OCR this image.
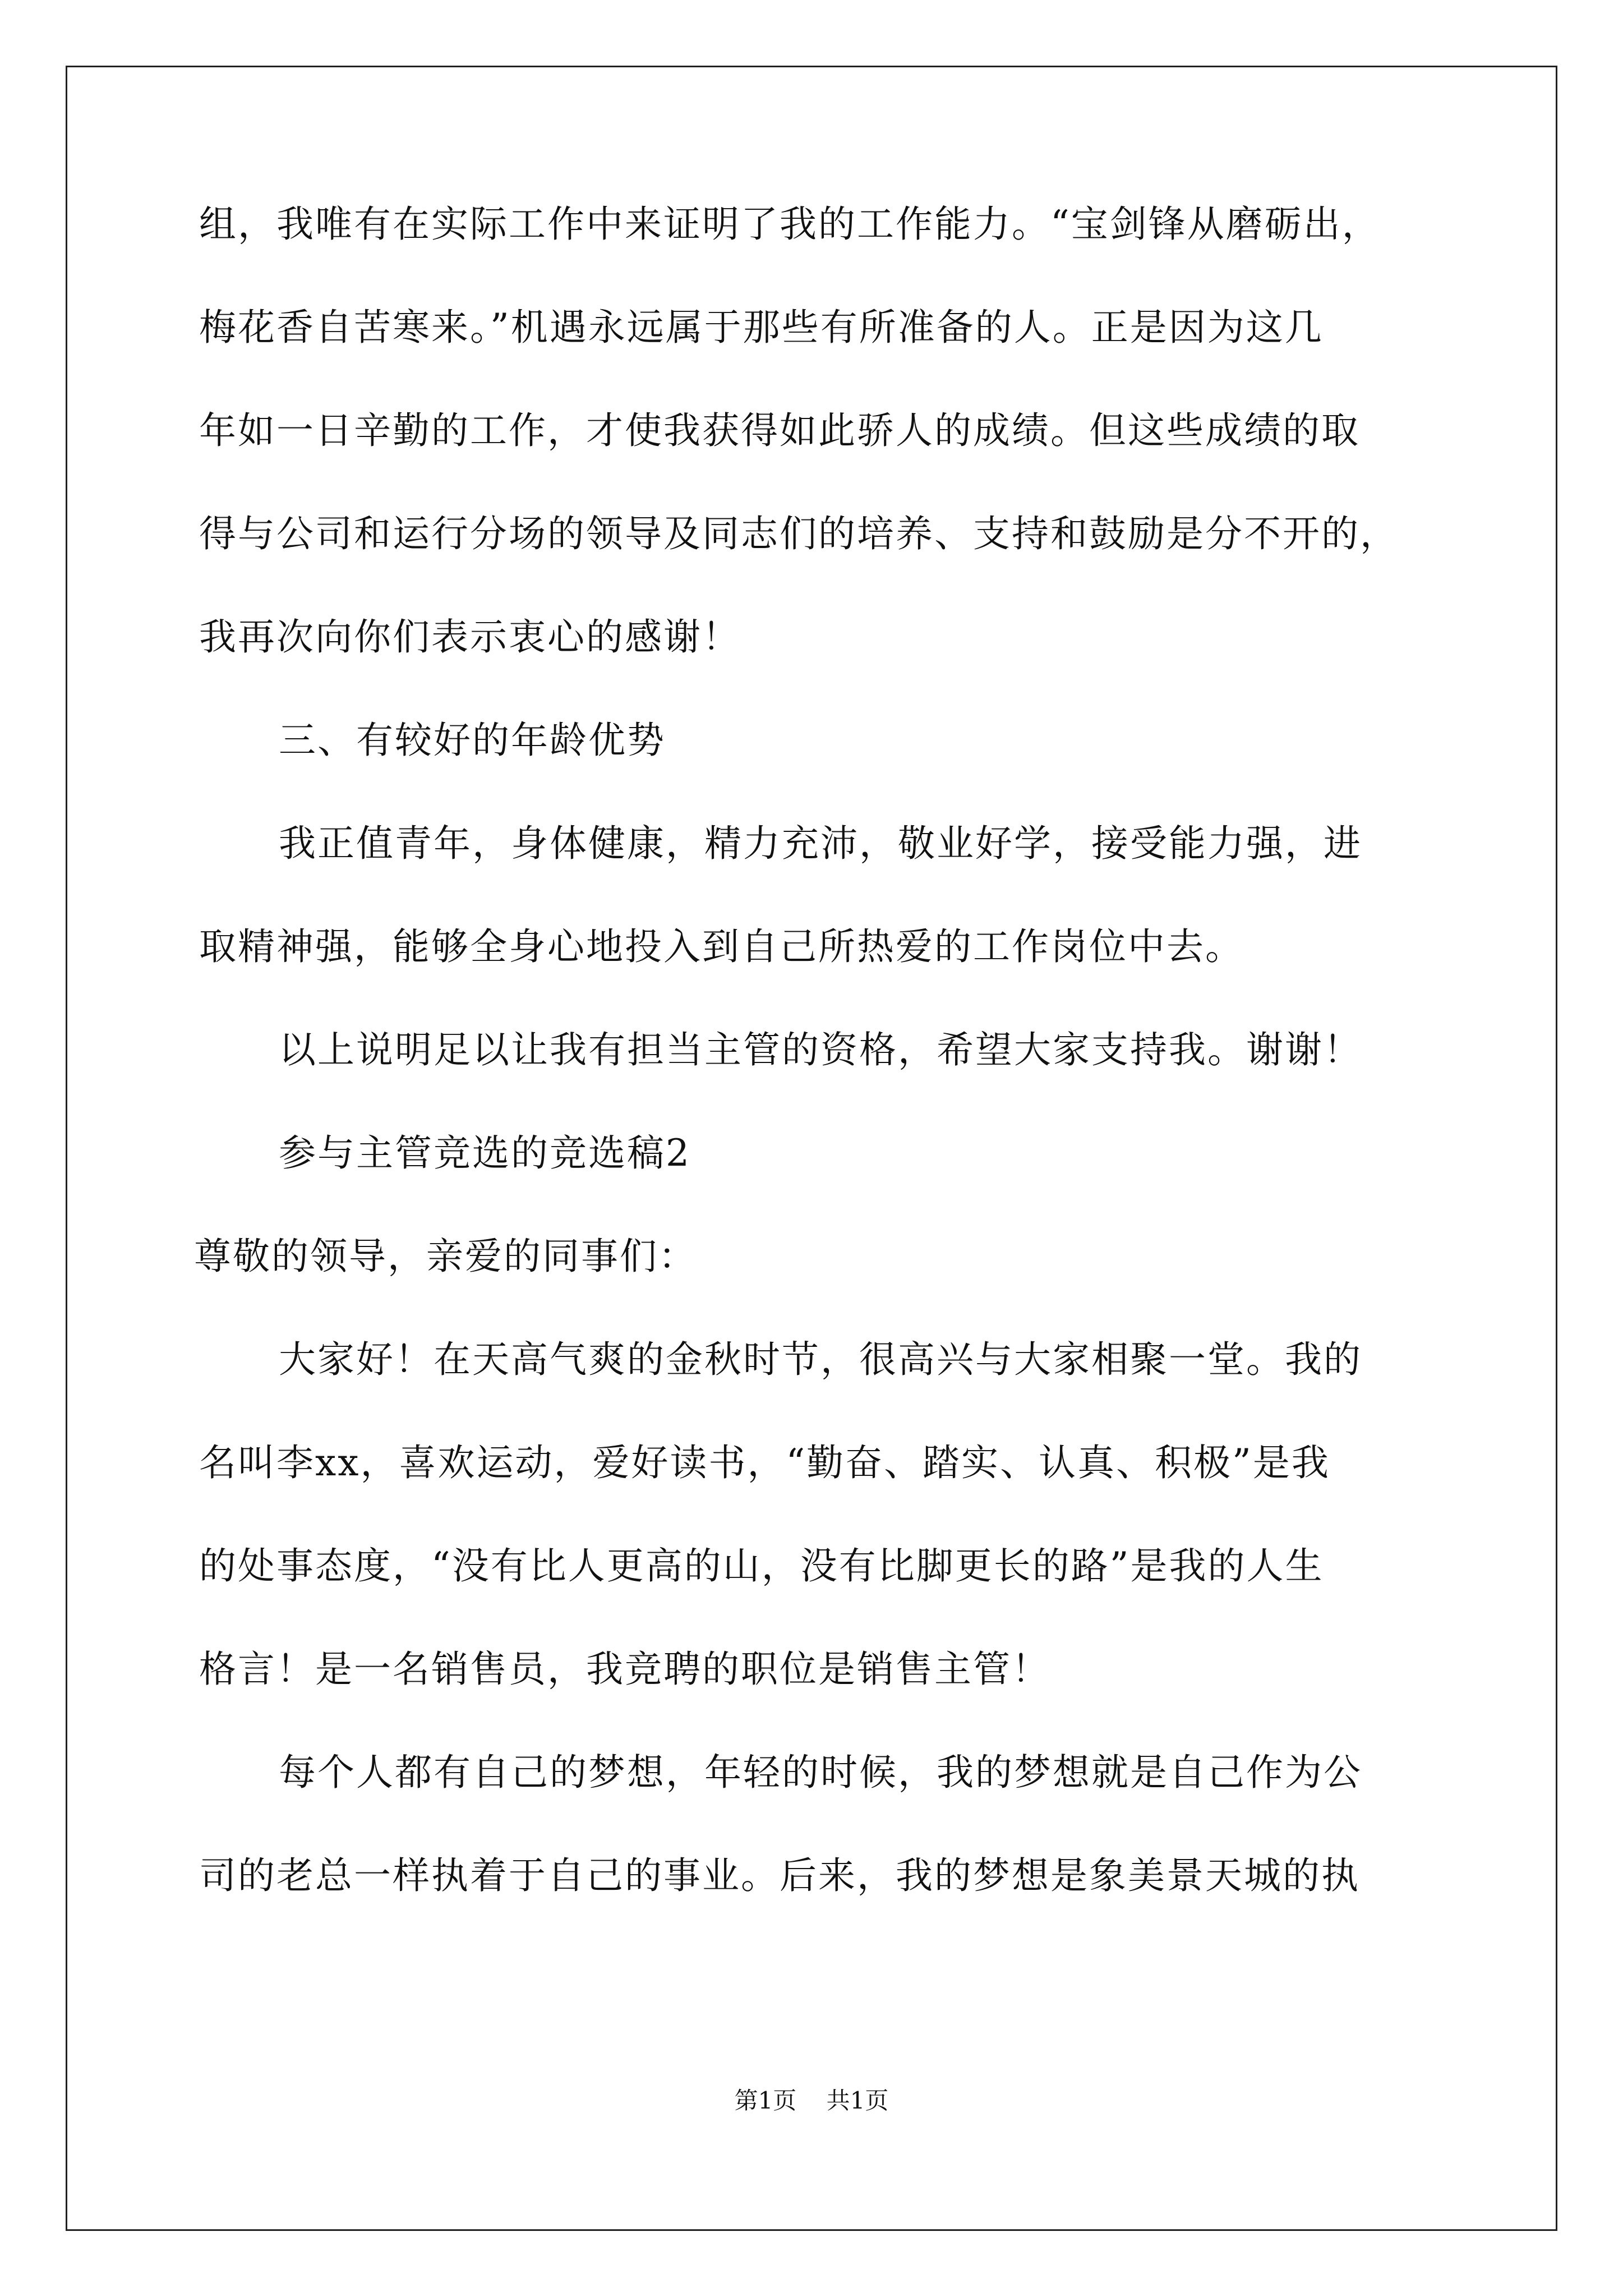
组，我唯有在实际工作中来证明了我的工作能力。“宝剑锋从磨砺出，
梅花香自苦寒来。”机遇永远属于那些有所准备的人。正是因为这几
年如一日辛勤的工作，才使我获得如此骄人的成绩。但这些成绩的取
得与公司和运行分场的领导及同志们的培养、支持和鼓励是分不开的，
我再次向你们表示衷心的感谢！
三、有较好的年龄优势
我正值青年，身体健康，精力充沛，敬业好学，接受能力强，进
取精神强，能够全身心地投入到自己所热爱的工作岗位中去。
以上说明足以让我有担当主管的资格，希望大家支持我。谢谢！
参与主管竞选的竞选稿2
尊敬的领导，亲爱的同事们：
大家好！在天高气爽的金秋时节，很高兴与大家相聚一堂。我的
名叫李xx，喜欢运动，爱好读书，“勤奋、踏实、认真、积极”是我
的处事态度，“没有比人更高的山，没有比脚更长的路”是我的人生
格言！是一名销售员，我竞聘的职位是销售主管！
每个人都有自己的梦想，年轻的时候，我的梦想就是自己作为公
司的老总一样执着于自己的事业。后来，我的梦想是象美景天城的执
第1页 共1页
